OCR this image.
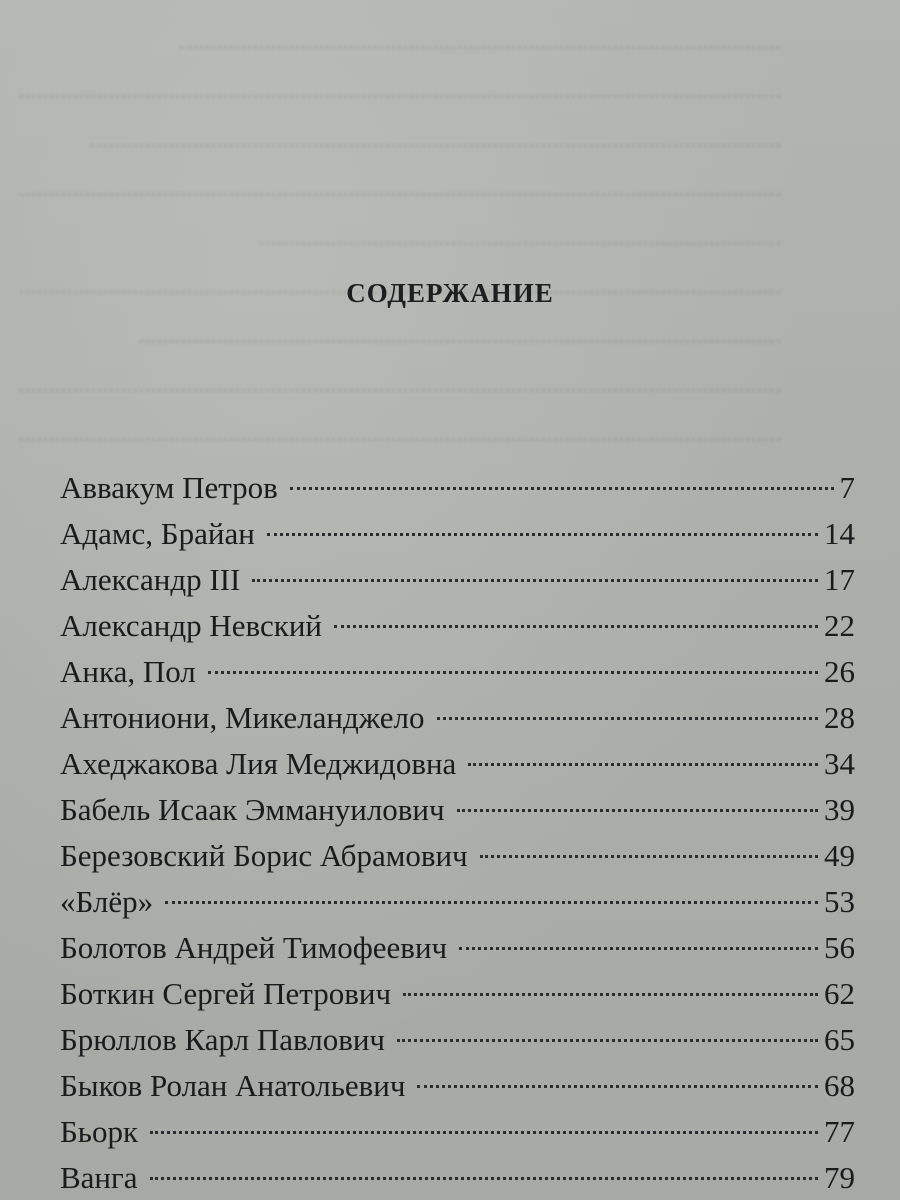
СОДЕРЖАНИЕ
Аввакум Петров	7
Адамс, Брайан	14
Александр III	17
Александр Невский	22
Анка, Пол	26
Антониони, Микеланджело	28
Ахеджакова Лия Меджидовна	34
Бабель Исаак Эммануилович	39
Березовский Борис Абрамович	49
«Блёр»	53
Болотов Андрей Тимофеевич	56
Боткин Сергей Петрович	62
Брюллов Карл Павлович	65
Быков Ролан Анатольевич	68
Бьорк	77
Ванга	79
